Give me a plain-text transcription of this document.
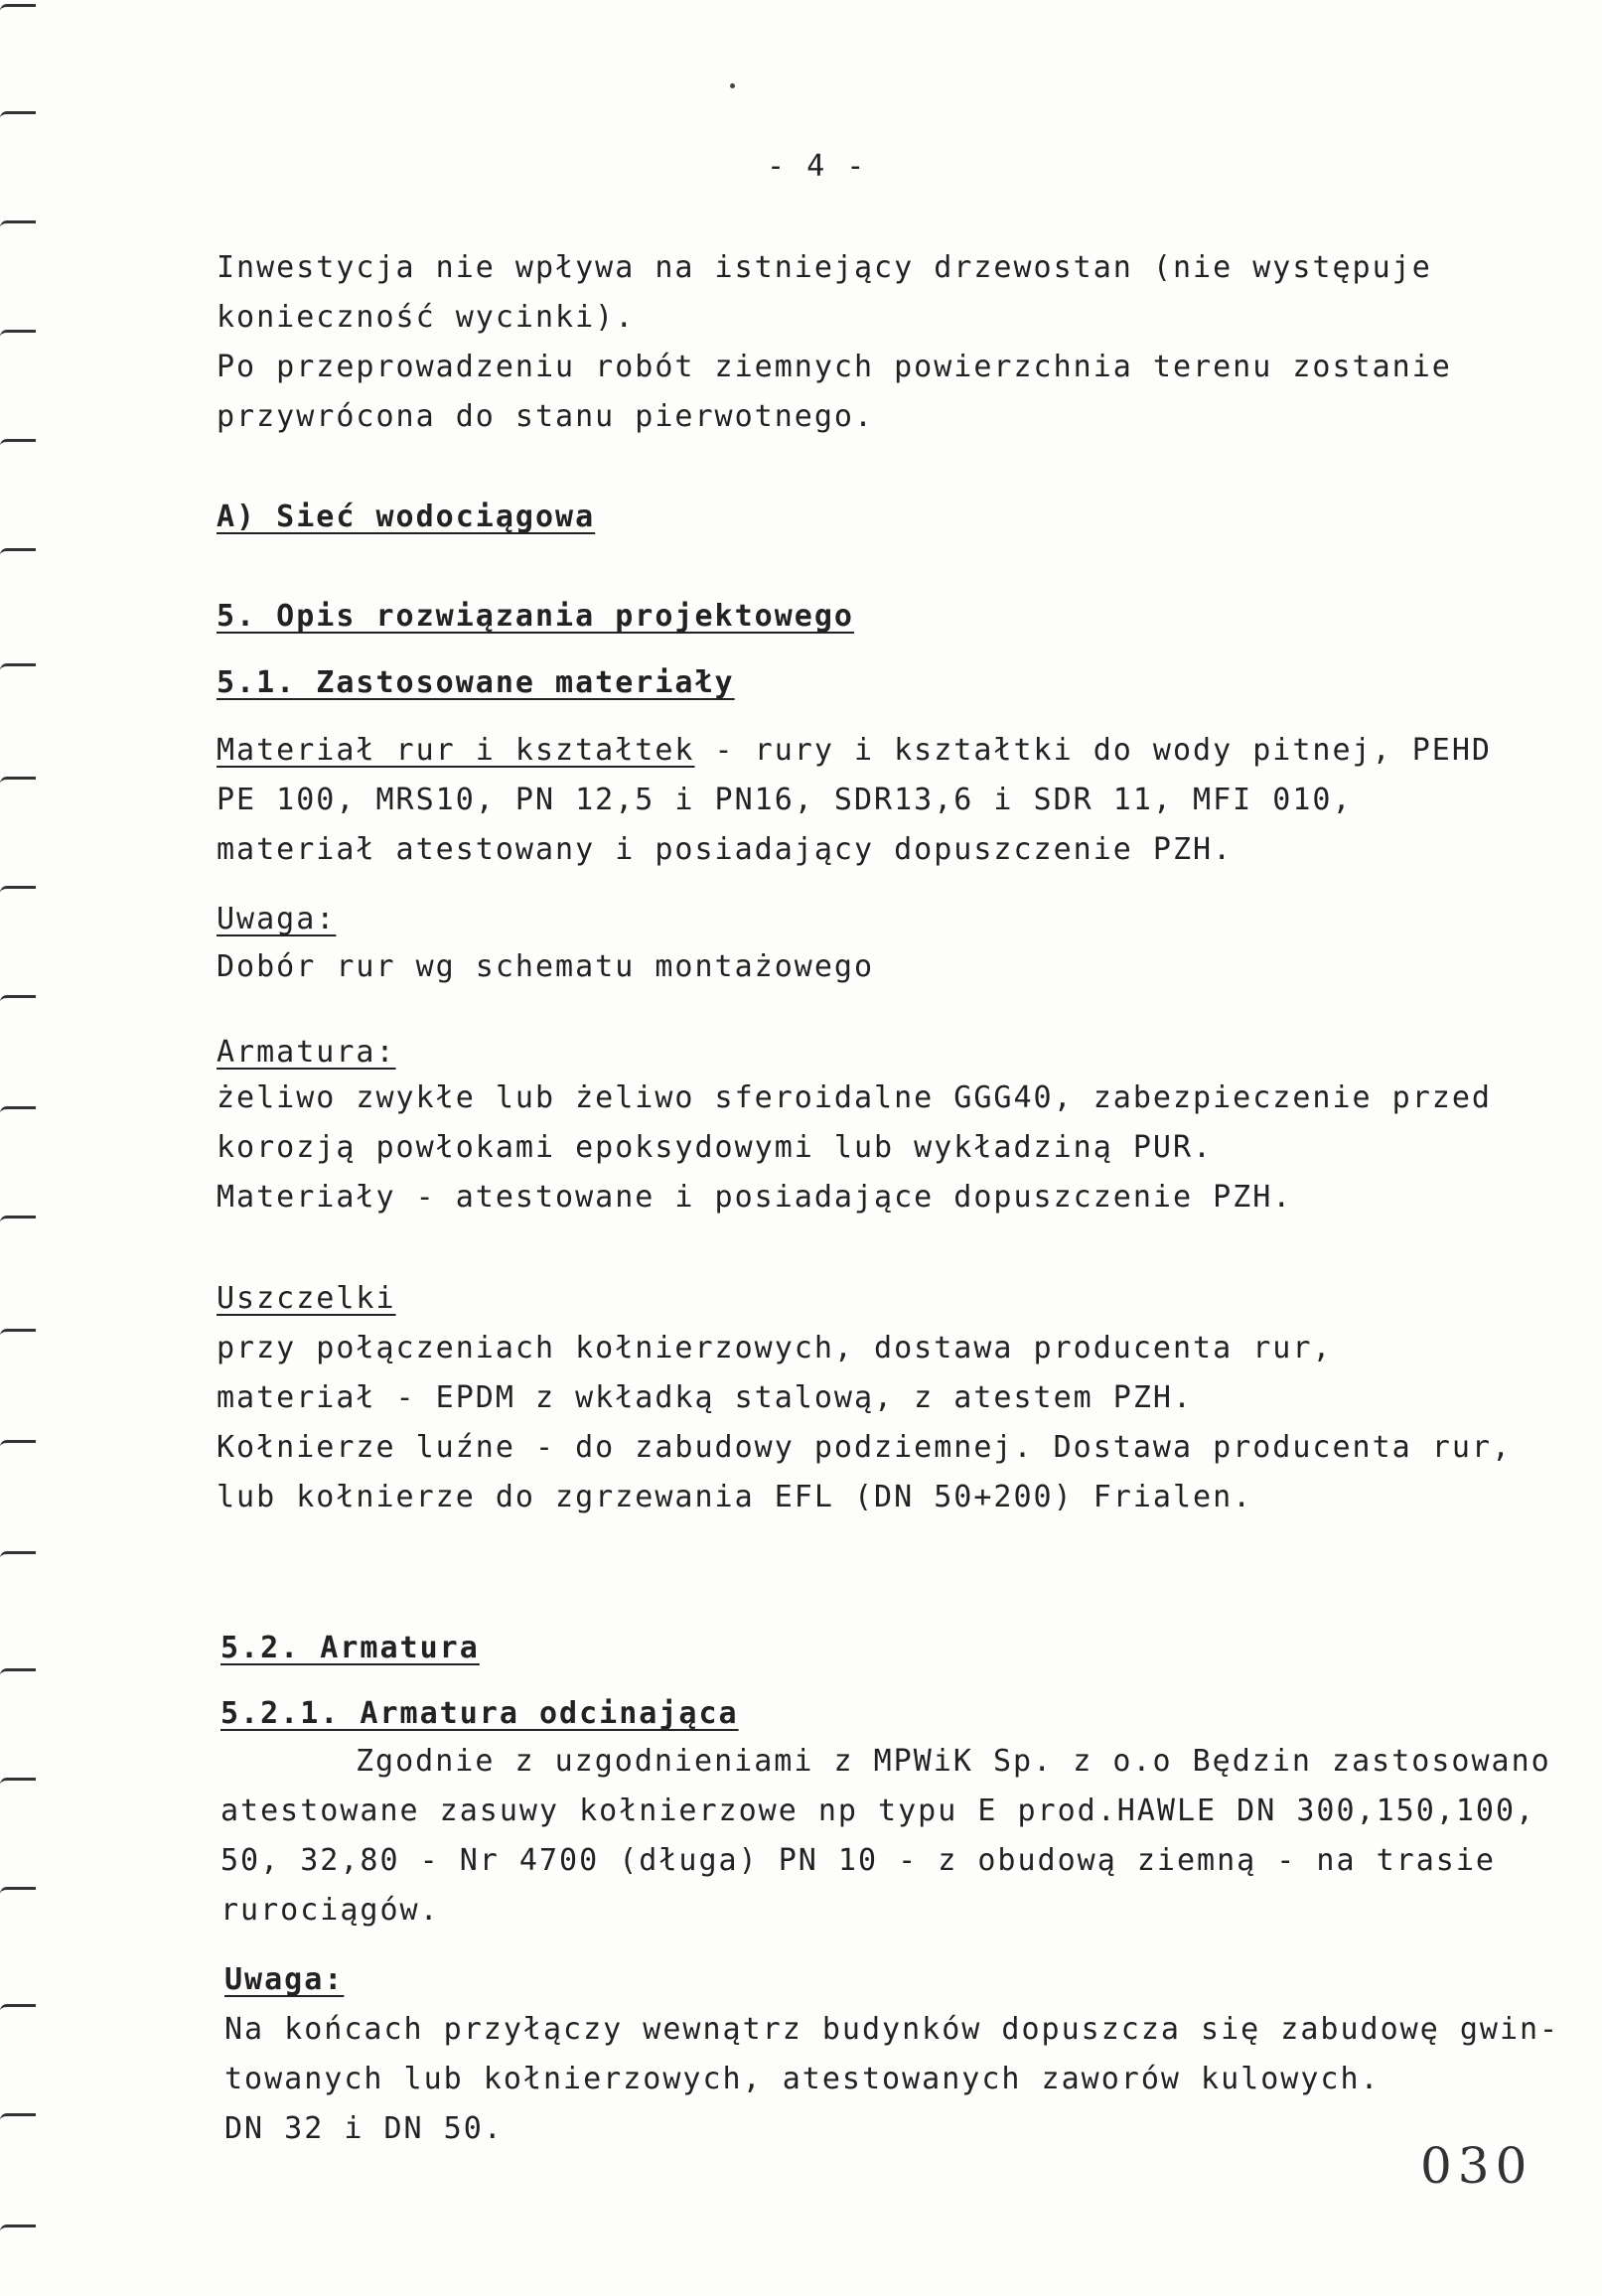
- 4 -
Inwestycja nie wpływa na istniejący drzewostan (nie występuje
konieczność wycinki).
Po przeprowadzeniu robót ziemnych powierzchnia terenu zostanie
przywrócona do stanu pierwotnego.
A) Sieć wodociągowa
5. Opis rozwiązania projektowego
5.1. Zastosowane materiały
Materiał rur i kształtek - rury i kształtki do wody pitnej, PEHD
PE 100, MRS10, PN 12,5 i PN16, SDR13,6 i SDR 11, MFI 010,
materiał atestowany i posiadający dopuszczenie PZH.
Uwaga:
Dobór rur wg schematu montażowego
Armatura:
żeliwo zwykłe lub żeliwo sferoidalne GGG40, zabezpieczenie przed
korozją powłokami epoksydowymi lub wykładziną PUR.
Materiały - atestowane i posiadające dopuszczenie PZH.
Uszczelki
przy połączeniach kołnierzowych, dostawa producenta rur,
materiał - EPDM z wkładką stalową, z atestem PZH.
Kołnierze luźne - do zabudowy podziemnej. Dostawa producenta rur,
lub kołnierze do zgrzewania EFL (DN 50+200) Frialen.
5.2. Armatura
5.2.1. Armatura odcinająca
Zgodnie z uzgodnieniami z MPWiK Sp. z o.o Będzin zastosowano
atestowane zasuwy kołnierzowe np typu E prod.HAWLE DN 300,150,100,
50, 32,80 - Nr 4700 (długa) PN 10 - z obudową ziemną - na trasie
rurociągów.
Uwaga:
Na końcach przyłączy wewnątrz budynków dopuszcza się zabudowę gwin-
towanych lub kołnierzowych, atestowanych zaworów kulowych.
DN 32 i DN 50.
030
